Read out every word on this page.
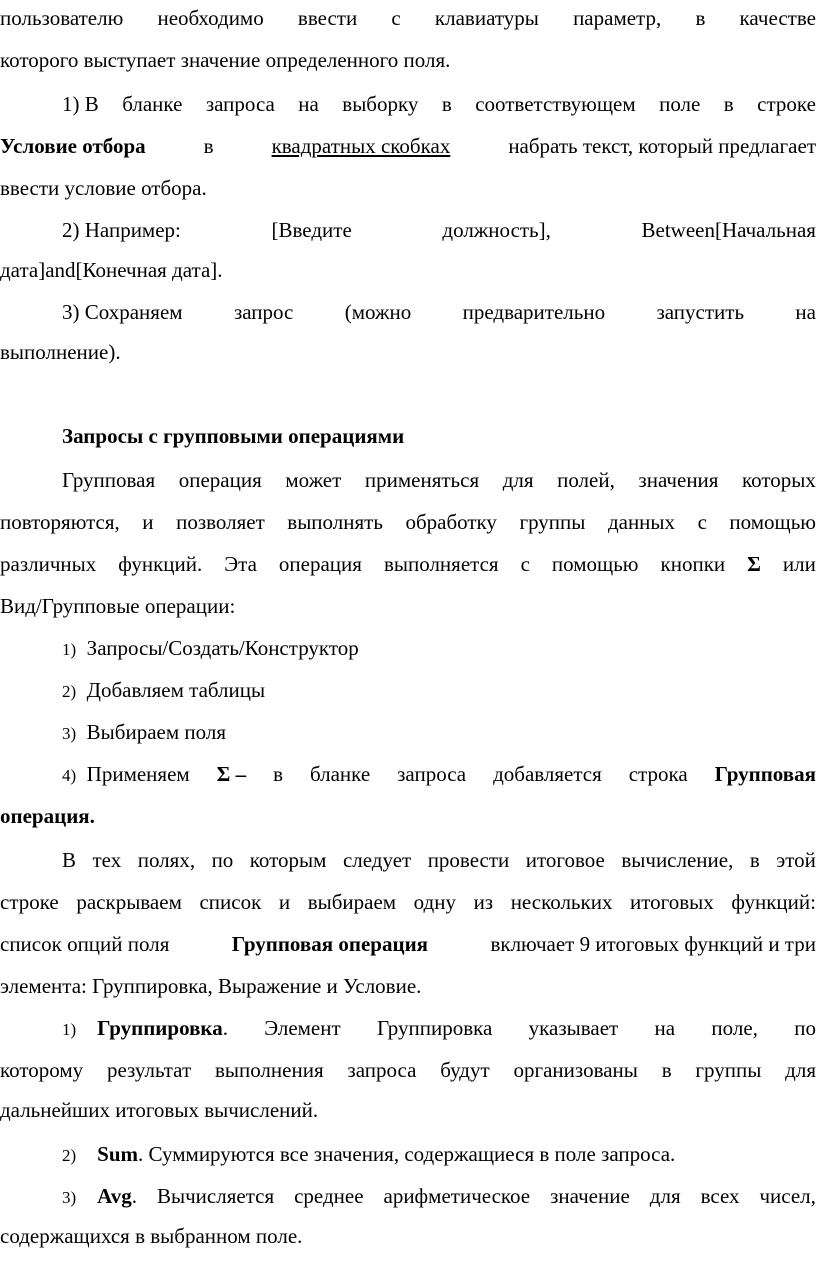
пользователю необходимо ввести с клавиатуры параметр, в качестве
которого выступает значение определенного поля.
1) В бланке запроса на выборку в соответствующем поле в строке
Условие отбора	в	квадратных скобках	набрать текст, который предлагает
ввести условие отбора.
2) Например:	[Введите	должность],	Between[Начальная
дата]and[Конечная дата].
3) Сохраняем запрос (можно предварительно запустить на
выполнение).
Запросы с групповыми операциями
Групповая операция может применяться для полей, значения которых
повторяются, и позволяет выполнять обработку группы данных с помощью
различных функций. Эта операция выполняется с помощью кнопки Σ или
Вид/Групповые операции:
1) Запросы/Создать/Конструктор
2) Добавляем таблицы
3) Выбираем поля
4) Применяем Σ – в бланке запроса добавляется строка Групповая
операция.
В тех полях, по которым следует провести итоговое вычисление, в этой
строке раскрываем список и выбираем одну из нескольких итоговых функций:
список опций поля	Групповая операция	включает 9 итоговых функций и три
элемента: Группировка, Выражение и Условие.
1) Группировка. Элемент Группировка указывает на поле, по
которому результат выполнения запроса будут организованы в группы для
дальнейших итоговых вычислений.
2) Sum. Суммируются все значения, содержащиеся в поле запроса.
3) Avg. Вычисляется среднее арифметическое значение для всех чисел,
содержащихся в выбранном поле.
